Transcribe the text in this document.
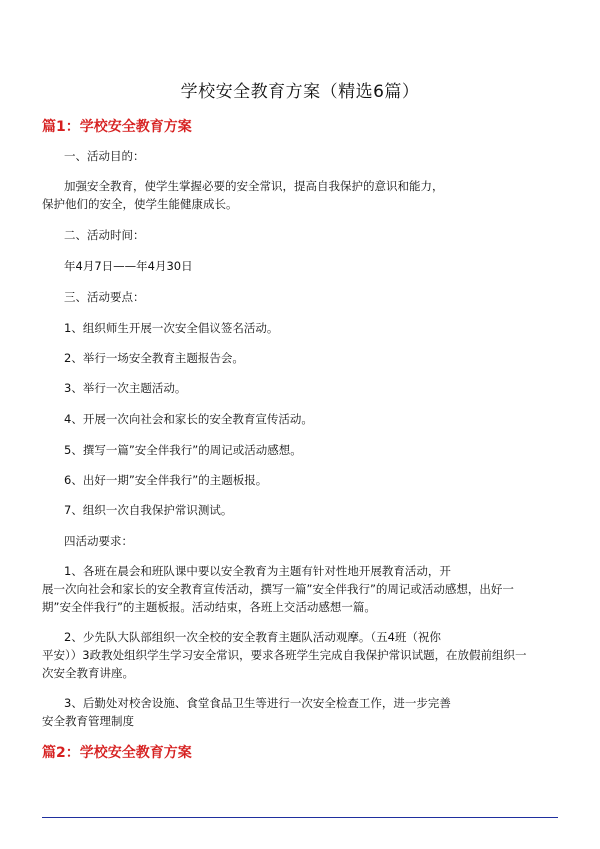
学校安全教育方案（精选6篇）
篇1：学校安全教育方案
一、活动目的：
加强安全教育，使学生掌握必要的安全常识，提高自我保护的意识和能力，
保护他们的安全，使学生能健康成长。
二、活动时间：
年4月7日——年4月30日
三、活动要点：
1、组织师生开展一次安全倡议签名活动。
2、举行一场安全教育主题报告会。
3、举行一次主题活动。
4、开展一次向社会和家长的安全教育宣传活动。
5、撰写一篇”安全伴我行”的周记或活动感想。
6、出好一期”安全伴我行”的主题板报。
7、组织一次自我保护常识测试。
四活动要求：
1、各班在晨会和班队课中要以安全教育为主题有针对性地开展教育活动，开
展一次向社会和家长的安全教育宣传活动，撰写一篇”安全伴我行”的周记或活动感想，出好一
期”安全伴我行”的主题板报。活动结束，各班上交活动感想一篇。
2、少先队大队部组织一次全校的安全教育主题队活动观摩。（五4班（祝你
平安））3政教处组织学生学习安全常识，要求各班学生完成自我保护常识试题，在放假前组织一
次安全教育讲座。
3、后勤处对校舍设施、食堂食品卫生等进行一次安全检查工作，进一步完善
安全教育管理制度
篇2：学校安全教育方案
